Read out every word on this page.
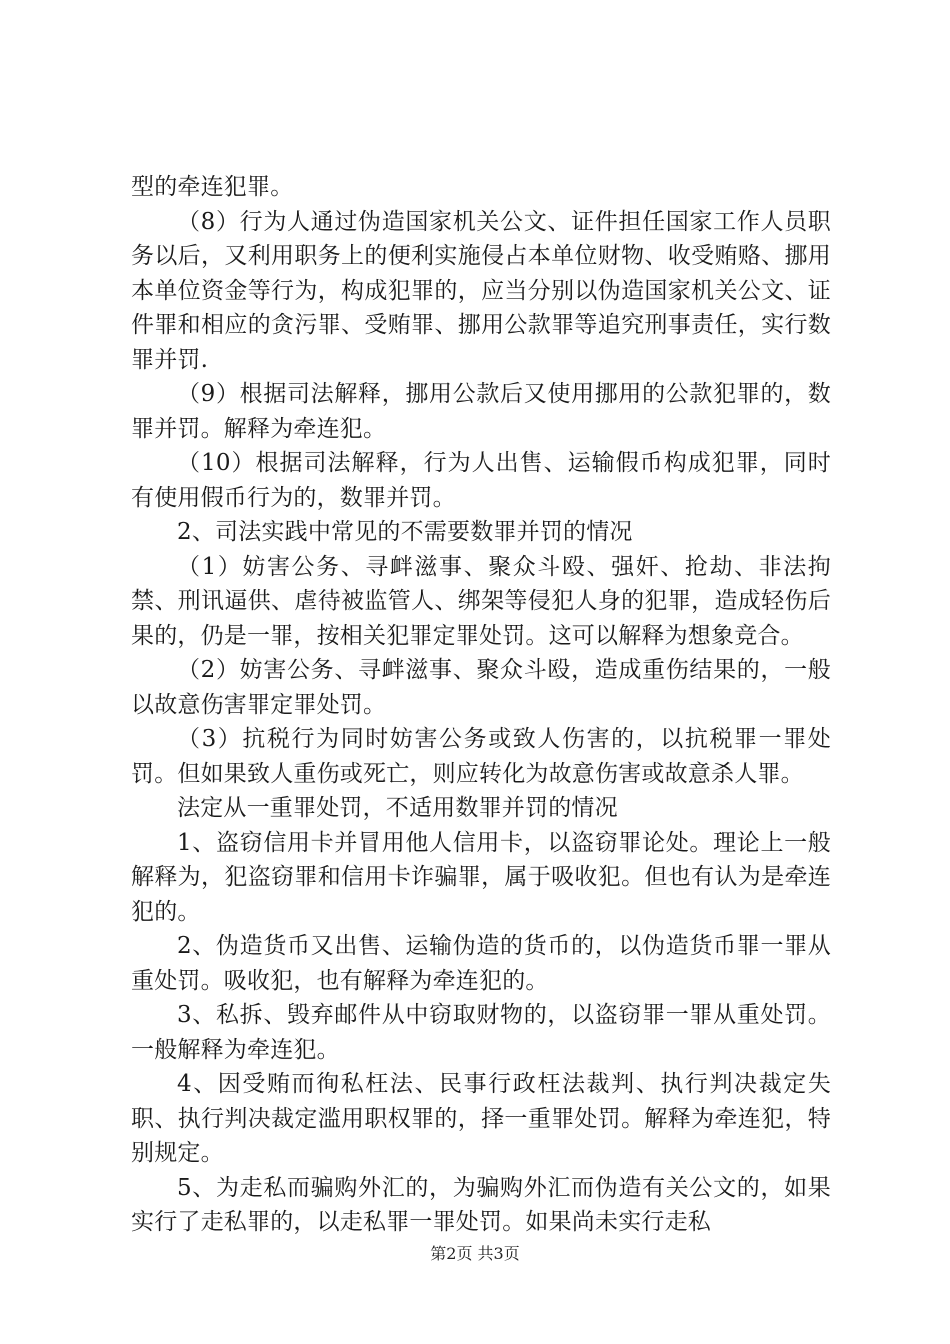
型的牵连犯罪。

（8）行为人通过伪造国家机关公文、证件担任国家工作人员职务以后，又利用职务上的便利实施侵占本单位财物、收受贿赂、挪用本单位资金等行为，构成犯罪的，应当分别以伪造国家机关公文、证件罪和相应的贪污罪、受贿罪、挪用公款罪等追究刑事责任，实行数罪并罚.

（9）根据司法解释，挪用公款后又使用挪用的公款犯罪的，数罪并罚。解释为牵连犯。

（10）根据司法解释，行为人出售、运输假币构成犯罪，同时有使用假币行为的，数罪并罚。

2、司法实践中常见的不需要数罪并罚的情况

（1）妨害公务、寻衅滋事、聚众斗殴、强奸、抢劫、非法拘禁、刑讯逼供、虐待被监管人、绑架等侵犯人身的犯罪，造成轻伤后果的，仍是一罪，按相关犯罪定罪处罚。这可以解释为想象竞合。

（2）妨害公务、寻衅滋事、聚众斗殴，造成重伤结果的，一般以故意伤害罪定罪处罚。

（3）抗税行为同时妨害公务或致人伤害的，以抗税罪一罪处罚。但如果致人重伤或死亡，则应转化为故意伤害或故意杀人罪。

法定从一重罪处罚，不适用数罪并罚的情况

1、盗窃信用卡并冒用他人信用卡，以盗窃罪论处。理论上一般解释为，犯盗窃罪和信用卡诈骗罪，属于吸收犯。但也有认为是牵连犯的。

2、伪造货币又出售、运输伪造的货币的，以伪造货币罪一罪从重处罚。吸收犯，也有解释为牵连犯的。

3、私拆、毁弃邮件从中窃取财物的，以盗窃罪一罪从重处罚。一般解释为牵连犯。

4、因受贿而徇私枉法、民事行政枉法裁判、执行判决裁定失职、执行判决裁定滥用职权罪的，择一重罪处罚。解释为牵连犯，特别规定。

5、为走私而骗购外汇的，为骗购外汇而伪造有关公文的，如果实行了走私罪的，以走私罪一罪处罚。如果尚未实行走私

第2页 共3页
